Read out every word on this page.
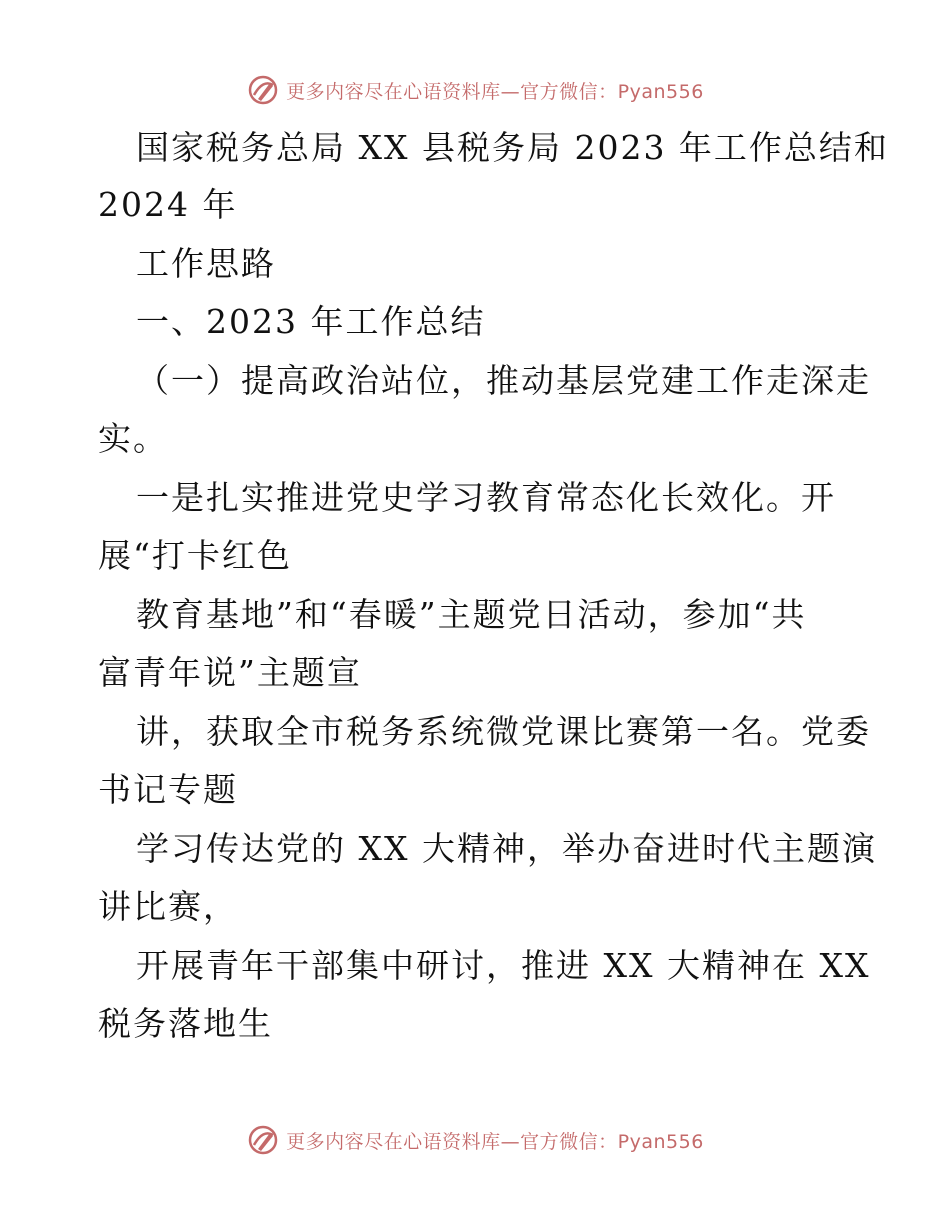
更多内容尽在心语资料库—官方微信：Pyan556
国家税务总局 XX 县税务局 2023 年工作总结和
2024 年
工作思路
一、2023 年工作总结
（一）提高政治站位，推动基层党建工作走深走
实。
一是扎实推进党史学习教育常态化长效化。开
展“打卡红色
教育基地”和“春暖”主题党日活动，参加“共
富青年说”主题宣
讲，获取全市税务系统微党课比赛第一名。党委
书记专题
学习传达党的 XX 大精神，举办奋进时代主题演
讲比赛，
开展青年干部集中研讨，推进 XX 大精神在 XX
税务落地生
更多内容尽在心语资料库—官方微信：Pyan556
